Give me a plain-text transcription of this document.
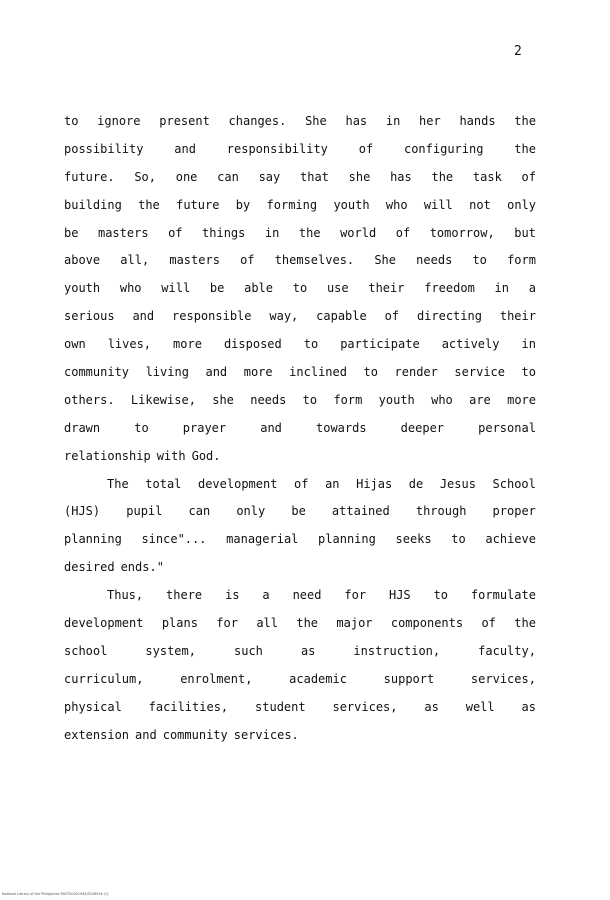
2
to ignore present changes. She has in her hands the
possibility	and	responsibility	of	configuring	the
future. So, one can say that she has the task of
building the future by forming youth who will not only
be masters of things in the world of tomorrow, but
above all, masters of themselves. She needs to form
youth who will be able to use their freedom in a
serious and responsible way, capable of directing their
own lives, more disposed to participate actively in
community living and more inclined to render service to
others. Likewise, she needs to form youth who are more
drawn	to	prayer	and	towards	deeper	personal
relationship with God.
The total development of an Hijas de Jesus School
(HJS) pupil can only be attained through proper
planning since"... managerial planning seeks to achieve
desired ends."
Thus, there is a need for HJS to formulate
development plans for all the major components of the
school	system,	such	as	instruction,	faculty,
curriculum,	enrolment,	academic	support	services,
physical facilities, student services, as well as
extension and community services.
National Library of the Philippines RS0T00001944/0108916 (1)
